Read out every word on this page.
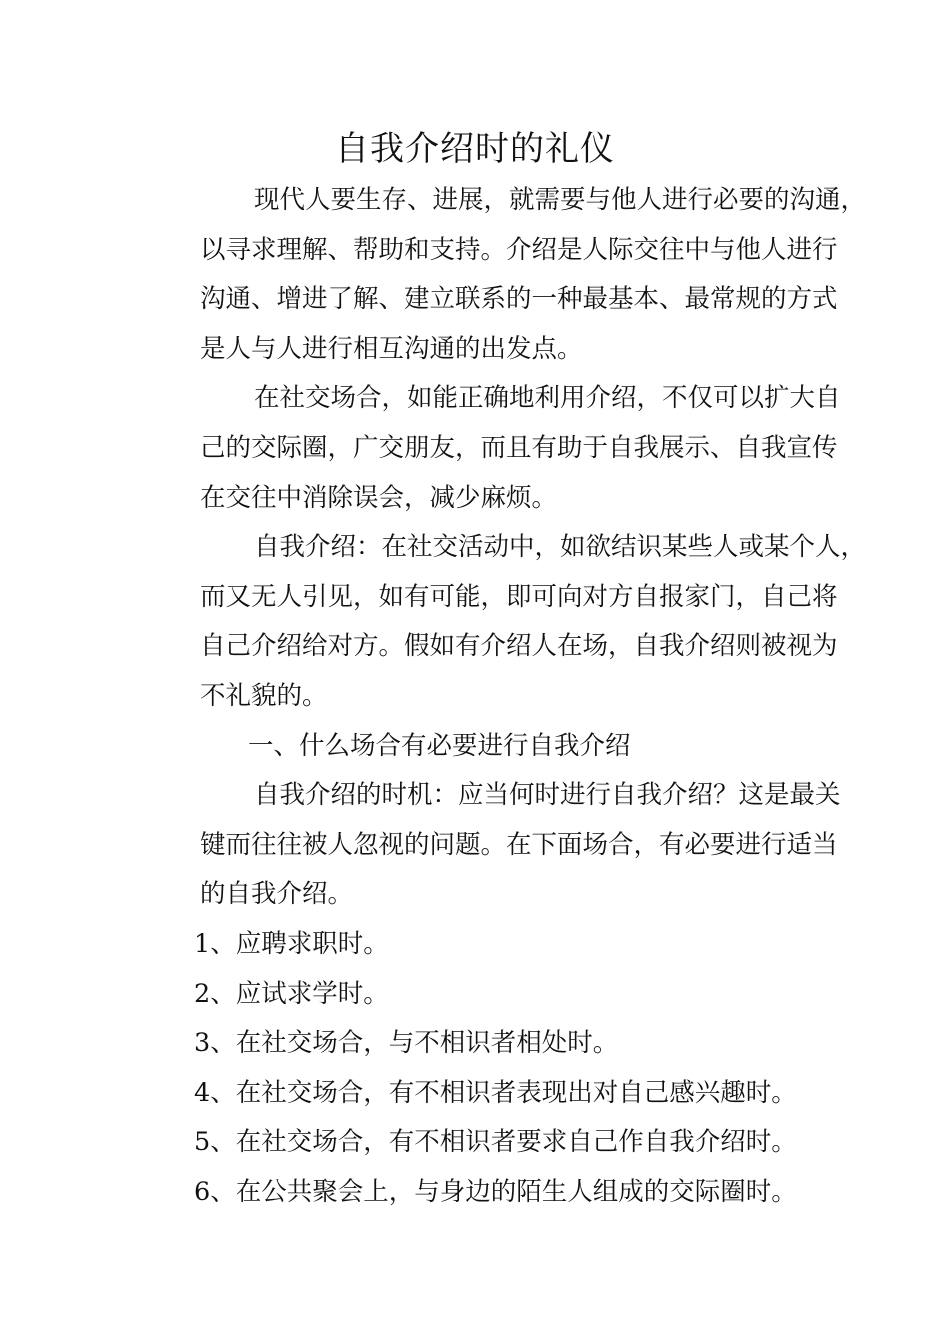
自我介绍时的礼仪

现代人要生存、进展，就需要与他人进行必要的沟通，
以寻求理解、帮助和支持。介绍是人际交往中与他人进行
沟通、增进了解、建立联系的一种最基本、最常规的方式
是人与人进行相互沟通的出发点。

在社交场合，如能正确地利用介绍，不仅可以扩大自
己的交际圈，广交朋友，而且有助于自我展示、自我宣传
在交往中消除误会，减少麻烦。

自我介绍：在社交活动中，如欲结识某些人或某个人，
而又无人引见，如有可能，即可向对方自报家门，自己将
自己介绍给对方。假如有介绍人在场，自我介绍则被视为
不礼貌的。

一、什么场合有必要进行自我介绍

自我介绍的时机：应当何时进行自我介绍？这是最关
键而往往被人忽视的问题。在下面场合，有必要进行适当
的自我介绍。

1、应聘求职时。
2、应试求学时。
3、在社交场合，与不相识者相处时。
4、在社交场合，有不相识者表现出对自己感兴趣时。
5、在社交场合，有不相识者要求自己作自我介绍时。
6、在公共聚会上，与身边的陌生人组成的交际圈时。
